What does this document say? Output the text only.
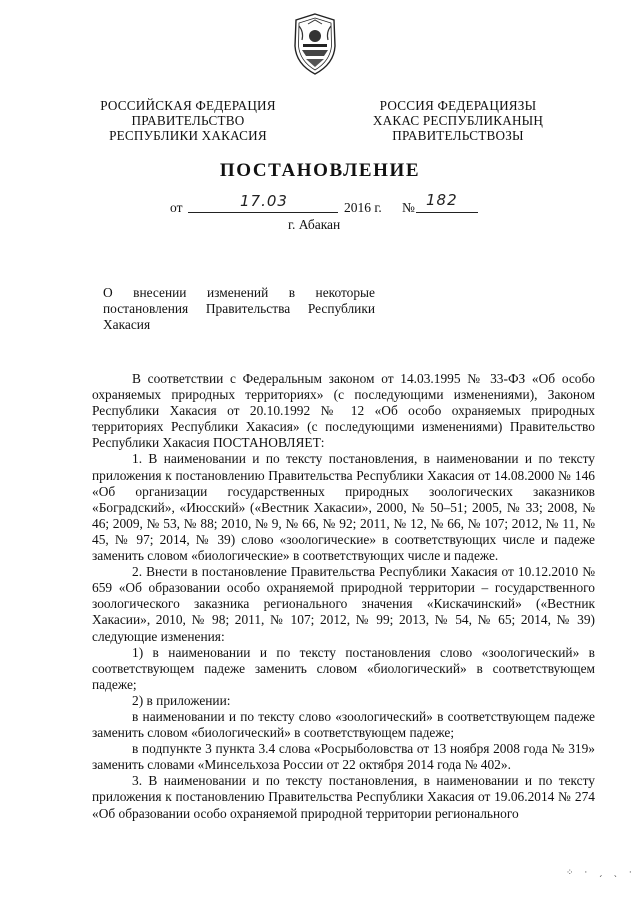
РОССИЙСКАЯ ФЕДЕРАЦИЯ
ПРАВИТЕЛЬСТВО
РЕСПУБЛИКИ ХАКАСИЯ
РОССИЯ ФЕДЕРАЦИЯЗЫ
ХАКАС РЕСПУБЛИКАНЫҢ
ПРАВИТЕЛЬСТВОЗЫ
ПОСТАНОВЛЕНИЕ
от	17.03	2016 г. № 182
г. Абакан
О внесении изменений в некоторые
постановления Правительства Республики
Хакасия

В соответствии с Федеральным законом от 14.03.1995 № 33-ФЗ «Об особо охраняемых природных территориях» (с последующими изменениями), Законом Республики Хакасия от 20.10.1992 № 12 «Об особо охраняемых природных территориях Республики Хакасия» (с последующими изменениями) Правительство Республики Хакасия ПОСТАНОВЛЯЕТ:

1. В наименовании и по тексту постановления, в наименовании и по тексту приложения к постановлению Правительства Республики Хакасия от 14.08.2000 № 146 «Об организации государственных природных зоологических заказников «Боградский», «Июсский» («Вестник Хакасии», 2000, № 50–51; 2005, № 33; 2008, № 46; 2009, № 53, № 88; 2010, № 9, № 66, № 92; 2011, № 12, № 66, № 107; 2012, № 11, № 45, № 97; 2014, № 39) слово «зоологические» в соответствующих числе и падеже заменить словом «биологические» в соответствующих числе и падеже.

2. Внести в постановление Правительства Республики Хакасия от 10.12.2010 № 659 «Об образовании особо охраняемой природной территории – государственного зоологического заказника регионального значения «Кискачинский» («Вестник Хакасии», 2010, № 98; 2011, № 107; 2012, № 99; 2013, № 54, № 65; 2014, № 39) следующие изменения:

1) в наименовании и по тексту постановления слово «зоологический» в соответствующем падеже заменить словом «биологический» в соответствующем падеже;

2) в приложении:

в наименовании и по тексту слово «зоологический» в соответствующем падеже заменить словом «биологический» в соответствующем падеже;

в подпункте 3 пункта 3.4 слова «Росрыболовства от 13 ноября 2008 года № 319» заменить словами «Минсельхоза России от 22 октября 2014 года № 402».

3. В наименовании и по тексту постановления, в наименовании и по тексту приложения к постановлению Правительства Республики Хакасия от 19.06.2014 № 274 «Об образовании особо охраняемой природной территории регионального

⁘ · ˏ ˎ ·
